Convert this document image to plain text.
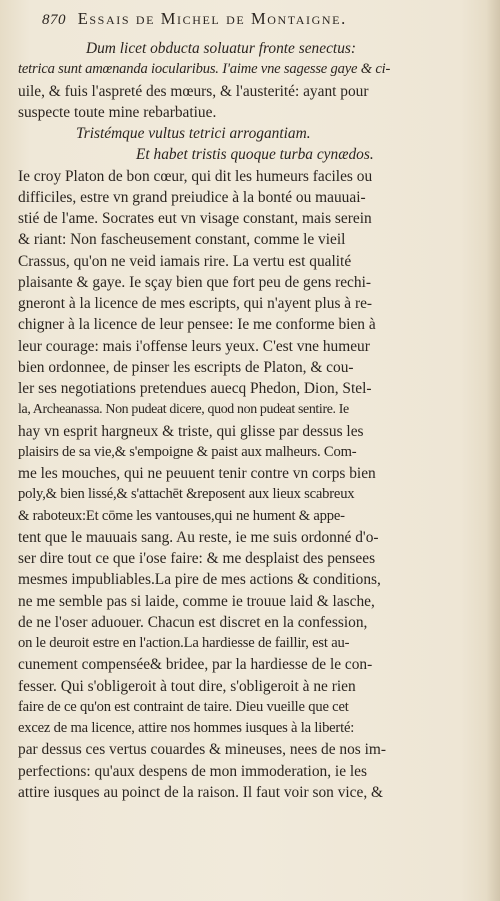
870 Essais de Michel de Montaigne.
Dum licet obducta soluatur fronte senectus:
tetrica sunt amœnanda iocularibus. I'aime vne sagesse gaye & ci-
uile, & fuis l'aspreté des mœurs, & l'austerité: ayant pour
suspecte toute mine rebarbatiue.
Tristémque vultus tetrici arrogantiam.
Et habet tristis quoque turba cynædos.
Ie croy Platon de bon cœur, qui dit les humeurs faciles ou
difficiles, estre vn grand preiudice à la bonté ou mauuai-
stié de l'ame. Socrates eut vn visage constant, mais serein
& riant: Non fascheusement constant, comme le vieil
Crassus, qu'on ne veid iamais rire. La vertu est qualité
plaisante & gaye. Ie sçay bien que fort peu de gens rechi-
gneront à la licence de mes escripts, qui n'ayent plus à re-
chigner à la licence de leur pensee: Ie me conforme bien à
leur courage: mais i'offense leurs yeux. C'est vne humeur
bien ordonnee, de pinser les escripts de Platon, & cou-
ler ses negotiations pretendues auecq Phedon, Dion, Stel-
la, Archeanassa. Non pudeat dicere, quod non pudeat sentire. Ie
hay vn esprit hargneux & triste, qui glisse par dessus les
plaisirs de sa vie,& s'empoigne & paist aux malheurs. Com-
me les mouches, qui ne peuuent tenir contre vn corps bien
poly,& bien lissé,& s'attachēt &reposent aux lieux scabreux
& raboteux:Et cōme les vantouses,qui ne hument & appe-
tent que le mauuais sang. Au reste, ie me suis ordonné d'o-
ser dire tout ce que i'ose faire: & me desplaist des pensees
mesmes impubliables.La pire de mes actions & conditions,
ne me semble pas si laide, comme ie trouue laid & lasche,
de ne l'oser aduouer. Chacun est discret en la confession,
on le deuroit estre en l'action.La hardiesse de faillir, est au-
cunement compensée& bridee, par la hardiesse de le con-
fesser. Qui s'obligeroit à tout dire, s'obligeroit à ne rien
faire de ce qu'on est contraint de taire. Dieu vueille que cet
excez de ma licence, attire nos hommes iusques à la liberté:
par dessus ces vertus couardes & mineuses, nees de nos im-
perfections: qu'aux despens de mon immoderation, ie les
attire iusques au poinct de la raison. Il faut voir son vice, &
